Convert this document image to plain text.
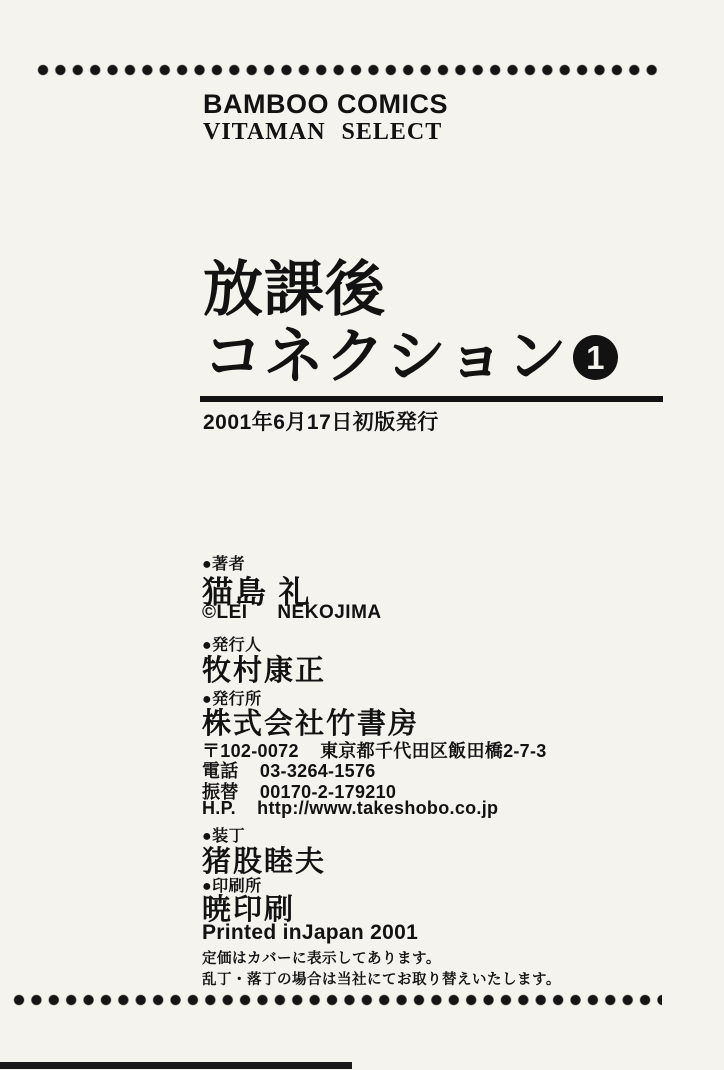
BAMBOO COMICS
VITAMAN SELECT
放課後
コネクション 1
2001年6月17日初版発行
●著者
猫島 礼
©LEI NEKOJIMA
●発行人
牧村康正
●発行所
株式会社竹書房
〒102-0072 東京都千代田区飯田橋2-7-3
電話 03-3264-1576
振替 00170-2-179210
H.P. http://www.takeshobo.co.jp
●装丁
猪股睦夫
●印刷所
暁印刷
Printed inJapan 2001
定価はカバーに表示してあります。
乱丁・落丁の場合は当社にてお取り替えいたします。
